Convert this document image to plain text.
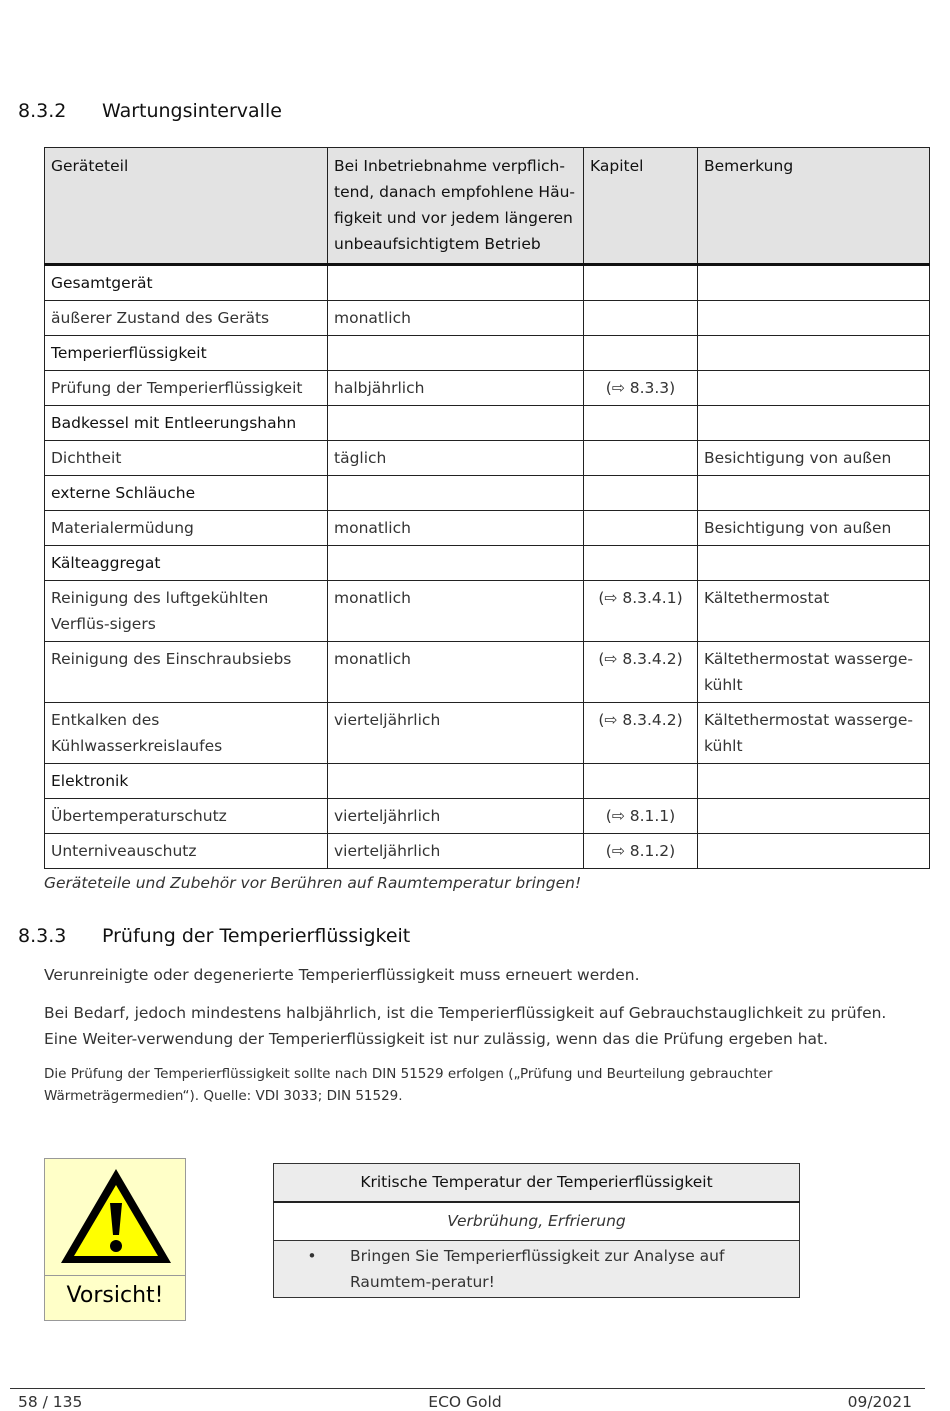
8.3.2	Wartungsintervalle
Geräteteil	Bei Inbetriebnahme verpflich-tend, danach empfohlene Häu-figkeit und vor jedem längeren unbeaufsichtigtem Betrieb	Kapitel	Bemerkung
Gesamtgerät			
äußerer Zustand des Geräts	monatlich		
Temperierflüssigkeit			
Prüfung der Temperierflüssigkeit	halbjährlich	(⇨ 8.3.3)	
Badkessel mit Entleerungshahn			
Dichtheit	täglich		Besichtigung von außen
externe Schläuche			
Materialermüdung	monatlich		Besichtigung von außen
Kälteaggregat			
Reinigung des luftgekühlten Verflüs-sigers	monatlich	(⇨ 8.3.4.1)	Kältethermostat
Reinigung des Einschraubsiebs	monatlich	(⇨ 8.3.4.2)	Kältethermostat wasserge-kühlt
Entkalken des Kühlwasserkreislaufes	vierteljährlich	(⇨ 8.3.4.2)	Kältethermostat wasserge-kühlt
Elektronik			
Übertemperaturschutz	vierteljährlich	(⇨ 8.1.1)	
Unterniveauschutz	vierteljährlich	(⇨ 8.1.2)	
Geräteteile und Zubehör vor Berühren auf Raumtemperatur bringen!
8.3.3	Prüfung der Temperierflüssigkeit
Verunreinigte oder degenerierte Temperierflüssigkeit muss erneuert werden.
Bei Bedarf, jedoch mindestens halbjährlich, ist die Temperierflüssigkeit auf Gebrauchstauglichkeit zu prüfen. Eine Weiter-verwendung der Temperierflüssigkeit ist nur zulässig, wenn das die Prüfung ergeben hat.
Die Prüfung der Temperierflüssigkeit sollte nach DIN 51529 erfolgen („Prüfung und Beurteilung gebrauchter Wärmeträgermedien“). Quelle: VDI 3033; DIN 51529.
Vorsicht!
Kritische Temperatur der Temperierflüssigkeit
Verbrühung, Erfrierung

•	Bringen Sie Temperierflüssigkeit zur Analyse auf Raumtem-peratur!
58 / 135	ECO Gold	09/2021
